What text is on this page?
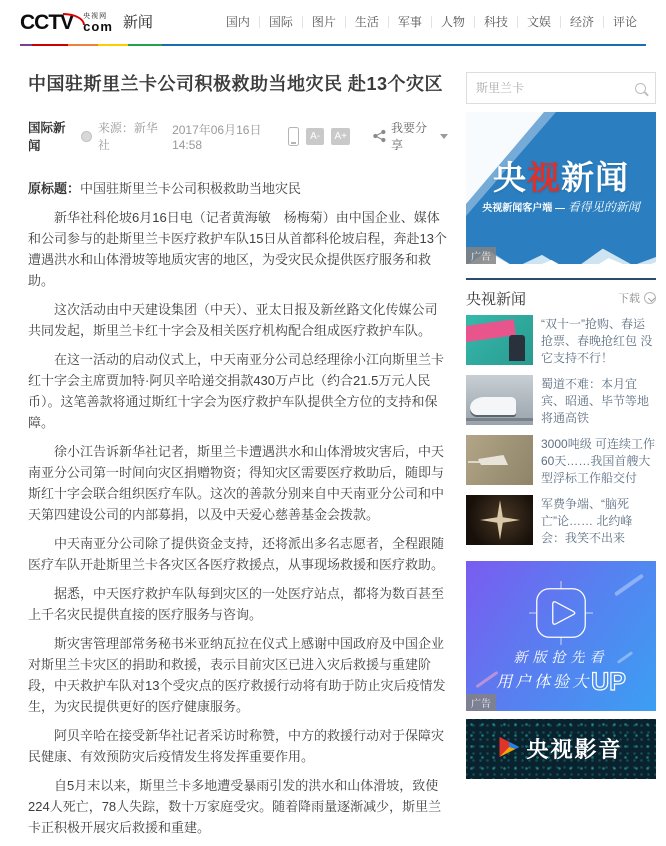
CCTV 央视网
com 新闻	国内	国际	图片	生活	军事	人物	科技	文娱	经济	评论
中国驻斯里兰卡公司积极救助当地灾民 赴13个灾区
国际新闻
来源：新华社
2017年06月16日 14:58
A-	A+
我要分享

原标题：中国驻斯里兰卡公司积极救助当地灾民

新华社科伦坡6月16日电（记者黄海敏　杨梅菊）由中国企业、媒体和公司参与的赴斯里兰卡医疗救护车队15日从首都科伦坡启程，奔赴13个遭遇洪水和山体滑坡等地质灾害的地区，为受灾民众提供医疗服务和救助。

这次活动由中天建设集团（中天）、亚太日报及新丝路文化传媒公司共同发起，斯里兰卡红十字会及相关医疗机构配合组成医疗救护车队。

在这一活动的启动仪式上，中天南亚分公司总经理徐小江向斯里兰卡红十字会主席贾加特·阿贝辛哈递交捐款430万卢比（约合21.5万元人民币）。这笔善款将通过斯红十字会为医疗救护车队提供全方位的支持和保障。

徐小江告诉新华社记者，斯里兰卡遭遇洪水和山体滑坡灾害后，中天南亚分公司第一时间向灾区捐赠物资；得知灾区需要医疗救助后，随即与斯红十字会联合组织医疗车队。这次的善款分别来自中天南亚分公司和中天第四建设公司的内部募捐，以及中天爱心慈善基金会拨款。

中天南亚分公司除了提供资金支持，还将派出多名志愿者，全程跟随医疗车队开赴斯里兰卡各灾区各医疗救援点，从事现场救援和医疗救助。

据悉，中天医疗救护车队每到灾区的一处医疗站点，都将为数百甚至上千名灾民提供直接的医疗服务与咨询。

斯灾害管理部常务秘书米亚纳瓦拉在仪式上感谢中国政府及中国企业对斯里兰卡灾区的捐助和救援，表示目前灾区已进入灾后救援与重建阶段，中天救护车队对13个受灾点的医疗救援行动将有助于防止灾后疫情发生，为灾民提供更好的医疗健康服务。

阿贝辛哈在接受新华社记者采访时称赞，中方的救援行动对于保障灾民健康、有效预防灾后疫情发生将发挥重要作用。

自5月末以来，斯里兰卡多地遭受暴雨引发的洪水和山体滑坡，致使224人死亡，78人失踪，数十万家庭受灾。随着降雨量逐渐减少，斯里兰卡正积极开展灾后救援和重建。

斯里兰卡
央视新闻
央视新闻客户端 — 看得见的新闻
广告
央视新闻	下载
“双十一”抢购、春运抢票、春晚抢红包 没它支持不行！
蜀道不难：本月宜宾、昭通、毕节等地将通高铁
3000吨级 可连续工作60天……我国首艘大型浮标工作船交付
军费争端、“脑死亡”论…… 北约峰会：我笑不出来
新版抢先看
用户体验大 UP
广告
央视影音
